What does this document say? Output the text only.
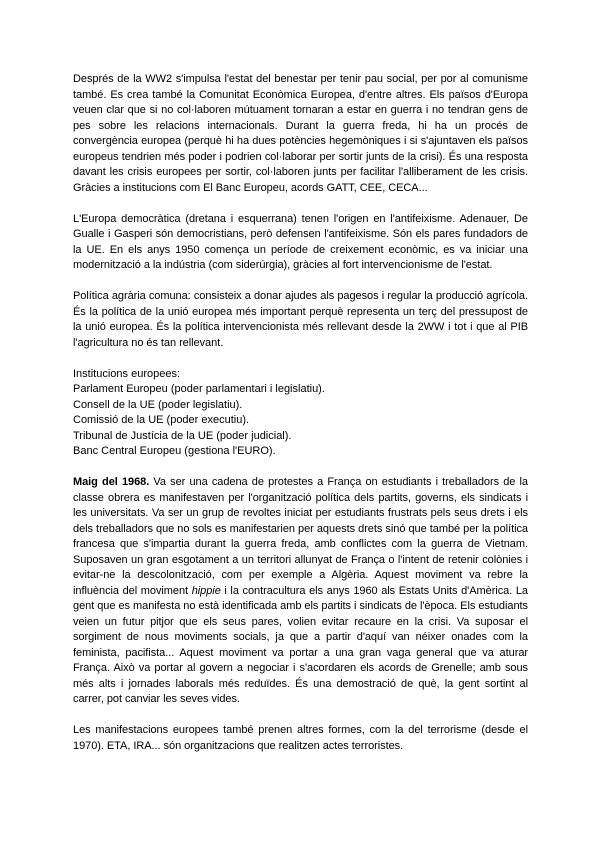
Després de la WW2 s'impulsa l'estat del benestar per tenir pau social, per por al comunisme també. Es crea també la Comunitat Econòmica Europea, d'entre altres. Els països d'Europa veuen clar que si no col·laboren mútuament tornaran a estar en guerra i no tendran gens de pes sobre les relacions internacionals. Durant la guerra freda, hi ha un procés de convergència europea (perquè hi ha dues potències hegemòniques i si s'ajuntaven els països europeus tendrien més poder i podrien col·laborar per sortir junts de la crisi). És una resposta davant les crisis europees per sortir, col·laboren junts per facilitar l'alliberament de les crisis. Gràcies a institucions com El Banc Europeu, acords GATT, CEE, CECA...

L'Europa democràtica (dretana i esquerrana) tenen l'origen en l'antifeixisme. Adenauer, De Gualle i Gasperi són democristians, però defensen l'antifeixisme. Són els pares fundadors de la UE. En els anys 1950 comença un període de creixement econòmic, es va iniciar una modernització a la indústria (com siderúrgia), gràcies al fort intervencionisme de l'estat.

Política agrària comuna: consisteix a donar ajudes als pagesos i regular la producció agrícola. És la política de la unió europea més important perquè representa un terç del pressupost de la unió europea. És la política intervencionista més rellevant desde la 2WW i tot i que al PIB l'agricultura no és tan rellevant.

Institucions europees:
Parlament Europeu (poder parlamentari i legislatiu).
Consell de la UE (poder legislatiu).
Comissió de la UE (poder executiu).
Tribunal de Justícia de la UE (poder judicial).
Banc Central Europeu (gestiona l'EURO).

Maig del 1968. Va ser una cadena de protestes a França on estudiants i treballadors de la classe obrera es manifestaven per l'organització política dels partits, governs, els sindicats i les universitats. Va ser un grup de revoltes iniciat per estudiants frustrats pels seus drets i els dels treballadors que no sols es manifestarien per aquests drets sinó que també per la política francesa que s'impartia durant la guerra freda, amb conflictes com la guerra de Vietnam. Suposaven un gran esgotament a un territori allunyat de França o l'intent de retenir colònies i evitar-ne la descolonització, com per exemple a Algèria. Aquest moviment va rebre la influència del moviment hippie i la contracultura els anys 1960 als Estats Units d'Amèrica. La gent que es manifesta no està identificada amb els partits i sindicats de l'època. Els estudiants veien un futur pitjor que els seus pares, volien evitar recaure en la crisi. Va suposar el sorgiment de nous moviments socials, ja que a partir d'aquí van néixer onades com la feminista, pacifista... Aquest moviment va portar a una gran vaga general que va aturar França. Això va portar al govern a negociar i s'acordaren els acords de Grenelle; amb sous més alts i jornades laborals més reduïdes. És una demostració de què, la gent sortint al carrer, pot canviar les seves vides.

Les manifestacions europees també prenen altres formes, com la del terrorisme (desde el 1970). ETA, IRA... són organitzacions que realitzen actes terroristes.
